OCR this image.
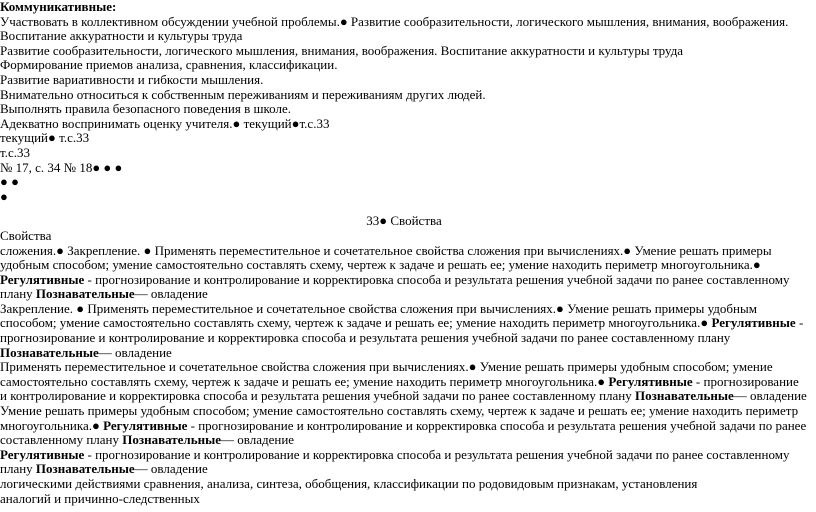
Коммуникативные:

Участвовать в коллективном обсуждении учебной проблемы.● Развитие сообразительности, логического мышления, внимания, воображения. Воспитание аккуратности и культуры труда

Развитие сообразительности, логического мышления, внимания, воображения. Воспитание аккуратности и культуры труда

Формирование приемов анализа, сравнения, классификации.

Развитие вариативности и гибкости мышления.

Внимательно относиться к собственным переживаниям и переживаниям других людей.

Выполнять правила безопасного поведения в школе.

Адекватно воспринимать оценку учителя.● текущий●т.с.33

текущий● т.с.33

т.с.33

№ 17, с. 34 № 18● ● ●

● ●

●

33● Свойства

Свойства

сложения.● Закрепление. ● Применять переместительное и сочетательное свойства сложения при вычислениях.● Умение решать примеры удобным способом; умение самостоятельно составлять схему, чертеж к задаче и решать ее; умение находить периметр многоугольника.● Регулятивные - прогнозирование и контролирование и корректировка способа и результата решения учебной задачи по ранее составленному плану Познавательные— овладение

Закрепление. ● Применять переместительное и сочетательное свойства сложения при вычислениях.● Умение решать примеры удобным способом; умение самостоятельно составлять схему, чертеж к задаче и решать ее; умение находить периметр многоугольника.● Регулятивные - прогнозирование и контролирование и корректировка способа и результата решения учебной задачи по ранее составленному плану Познавательные— овладение

Применять переместительное и сочетательное свойства сложения при вычислениях.● Умение решать примеры удобным способом; умение самостоятельно составлять схему, чертеж к задаче и решать ее; умение находить периметр многоугольника.● Регулятивные - прогнозирование и контролирование и корректировка способа и результата решения учебной задачи по ранее составленному плану Познавательные— овладение

Умение решать примеры удобным способом; умение самостоятельно составлять схему, чертеж к задаче и решать ее; умение находить периметр многоугольника.● Регулятивные - прогнозирование и контролирование и корректировка способа и результата решения учебной задачи по ранее составленному плану Познавательные— овладение

Регулятивные - прогнозирование и контролирование и корректировка способа и результата решения учебной задачи по ранее составленному плану Познавательные— овладение

логическими действиями сравнения, анализа, синтеза, обобщения, классификации по родовидовым признакам, установления

аналогий и причинно-следственных
